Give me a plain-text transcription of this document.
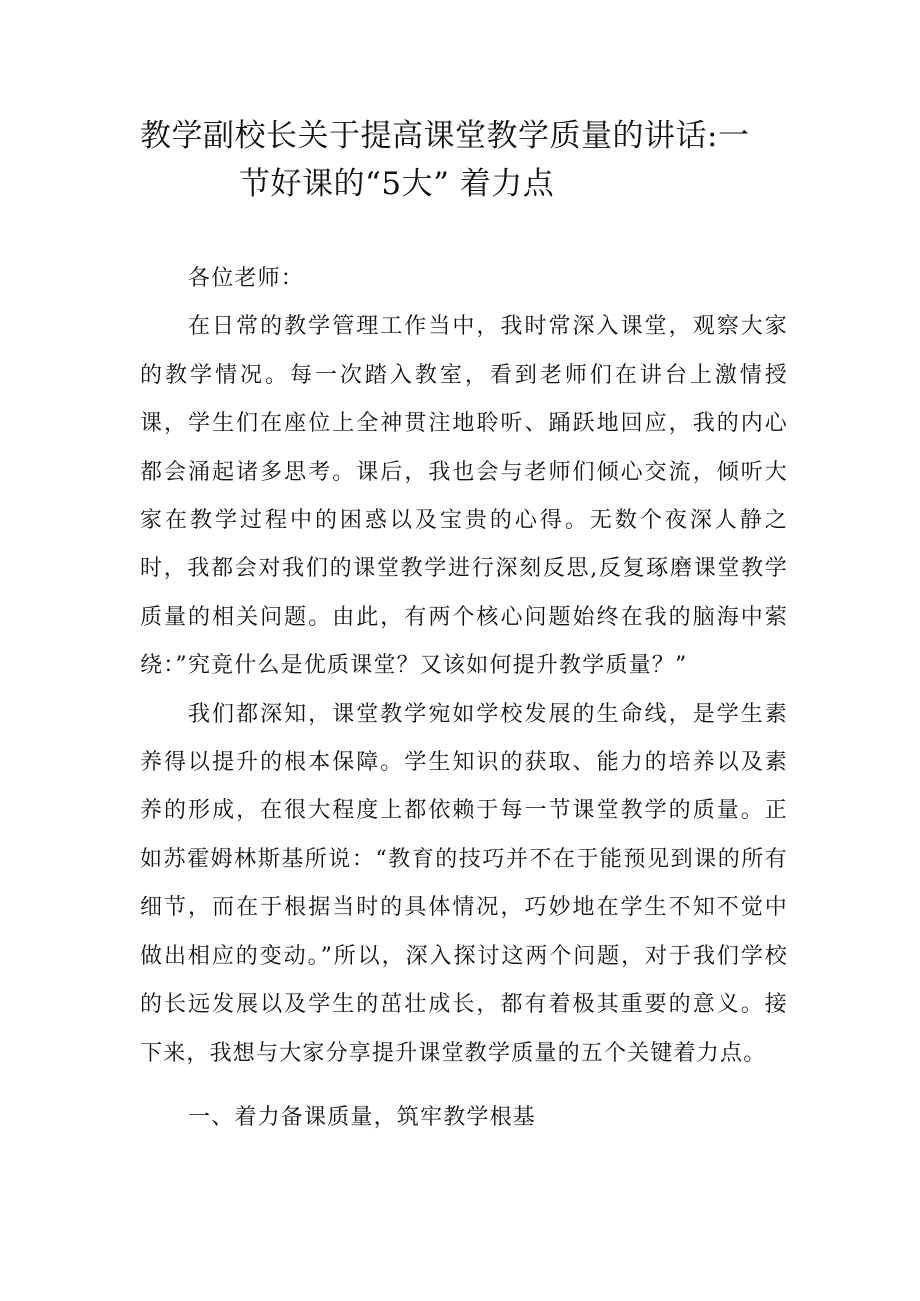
教学副校长关于提高课堂教学质量的讲话:一
节好课的“5大” 着力点

各位老师：

在日常的教学管理工作当中，我时常深入课堂，观察大家的教学情况。每一次踏入教室，看到老师们在讲台上激情授课，学生们在座位上全神贯注地聆听、踊跃地回应，我的内心都会涌起诸多思考。课后，我也会与老师们倾心交流，倾听大家在教学过程中的困惑以及宝贵的心得。无数个夜深人静之时，我都会对我们的课堂教学进行深刻反思,反复琢磨课堂教学质量的相关问题。由此，有两个核心问题始终在我的脑海中萦绕：”究竟什么是优质课堂？又该如何提升教学质量？”

我们都深知，课堂教学宛如学校发展的生命线，是学生素养得以提升的根本保障。学生知识的获取、能力的培养以及素养的形成，在很大程度上都依赖于每一节课堂教学的质量。正如苏霍姆林斯基所说：“教育的技巧并不在于能预见到课的所有细节，而在于根据当时的具体情况，巧妙地在学生不知不觉中做出相应的变动。”所以，深入探讨这两个问题，对于我们学校的长远发展以及学生的茁壮成长，都有着极其重要的意义。接下来，我想与大家分享提升课堂教学质量的五个关键着力点。

一、着力备课质量，筑牢教学根基
